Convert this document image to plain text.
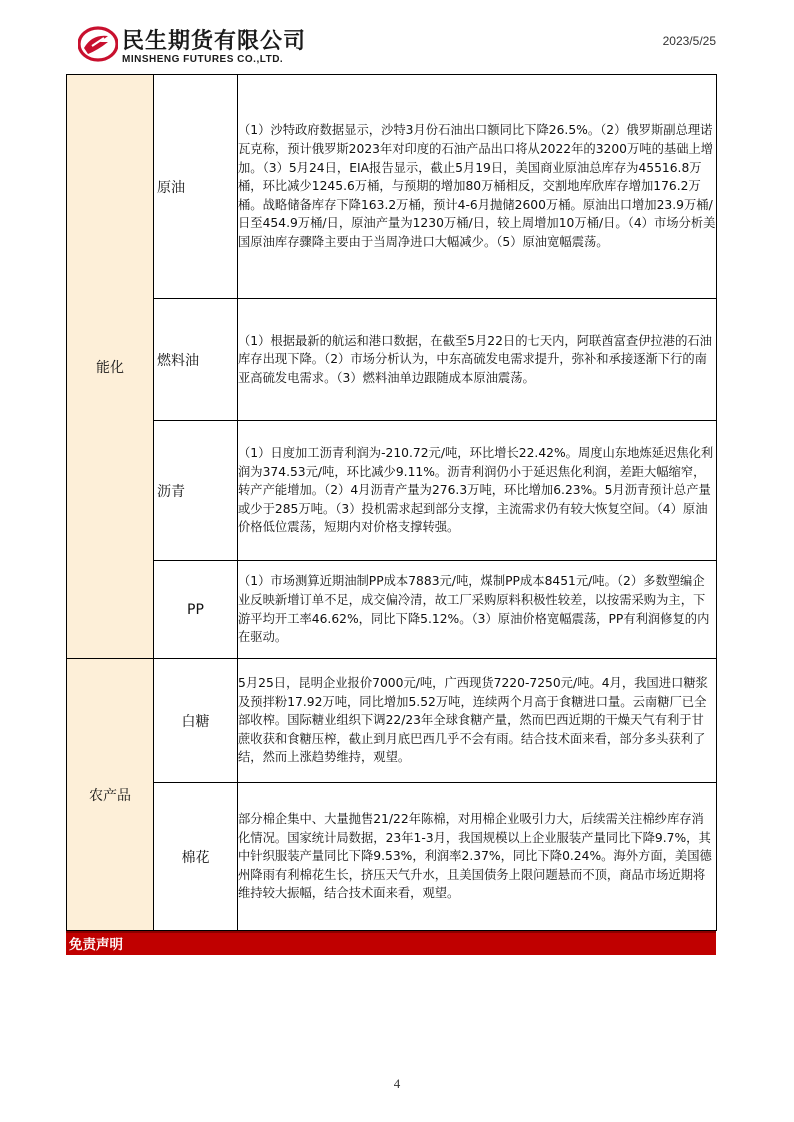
民生期货有限公司
MINSHENG FUTURES CO.,LTD.
2023/5/25
能化	原油	（1）沙特政府数据显示，沙特3月份石油出口额同比下降26.5%。（2）俄罗斯副总理诺瓦克称，预计俄罗斯2023年对印度的石油产品出口将从2022年的3200万吨的基础上增加。（3）5月24日，EIA报告显示，截止5月19日，美国商业原油总库存为45516.8万桶，环比减少1245.6万桶，与预期的增加80万桶相反，交割地库欣库存增加176.2万桶。战略储备库存下降163.2万桶，预计4-6月抛储2600万桶。原油出口增加23.9万桶/日至454.9万桶/日，原油产量为1230万桶/日，较上周增加10万桶/日。（4）市场分析美国原油库存骤降主要由于当周净进口大幅减少。（5）原油宽幅震荡。
	燃料油	（1）根据最新的航运和港口数据，在截至5月22日的七天内，阿联酋富查伊拉港的石油库存出现下降。（2）市场分析认为，中东高硫发电需求提升，弥补和承接逐渐下行的南亚高硫发电需求。（3）燃料油单边跟随成本原油震荡。
	沥青	（1）日度加工沥青利润为-210.72元/吨，环比增长22.42%。周度山东地炼延迟焦化利润为374.53元/吨，环比减少9.11%。沥青利润仍小于延迟焦化利润，差距大幅缩窄，转产产能增加。（2）4月沥青产量为276.3万吨，环比增加6.23%。5月沥青预计总产量或少于285万吨。（3）投机需求起到部分支撑，主流需求仍有较大恢复空间。（4）原油价格低位震荡，短期内对价格支撑转强。
	PP	（1）市场测算近期油制PP成本7883元/吨，煤制PP成本8451元/吨。（2）多数塑编企业反映新增订单不足，成交偏冷清，故工厂采购原料积极性较差，以按需采购为主，下游平均开工率46.62%，同比下降5.12%。（3）原油价格宽幅震荡，PP有利润修复的内在驱动。
农产品	白糖	5月25日，昆明企业报价7000元/吨，广西现货7220-7250元/吨。4月，我国进口糖浆及预拌粉17.92万吨，同比增加5.52万吨，连续两个月高于食糖进口量。云南糖厂已全部收榨。国际糖业组织下调22/23年全球食糖产量，然而巴西近期的干燥天气有利于甘蔗收获和食糖压榨，截止到月底巴西几乎不会有雨。结合技术面来看，部分多头获利了结，然而上涨趋势维持，观望。
	棉花	部分棉企集中、大量抛售21/22年陈棉，对用棉企业吸引力大，后续需关注棉纱库存消化情况。国家统计局数据，23年1-3月，我国规模以上企业服装产量同比下降9.7%，其中针织服装产量同比下降9.53%，利润率2.37%，同比下降0.24%。海外方面，美国德州降雨有利棉花生长，挤压天气升水，且美国债务上限问题悬而不顶，商品市场近期将维持较大振幅，结合技术面来看，观望。
免责声明
4
